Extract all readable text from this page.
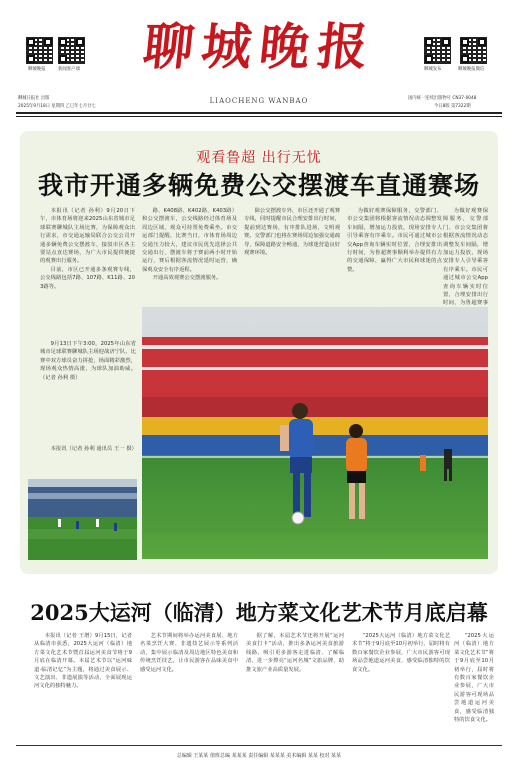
聊城晚报	新闻客户端	聊城发布	聊城晚报微信
聊城晚报
聊城日报社 出版
2025年9月18日 星期四 乙巳年七月廿七
LIAOCHENG WANBAO	国内统一连续出版物号 CN37-0048
今日8版 第7322期
观看鲁超 出行无忧
我市开通多辆免费公交摆渡车直通赛场

本报讯（记者 孙利）9月20日下午，市体育场将迎来2025山东省城市足球联赛聊城队主场比赛，为保障观众出行需求，市交通运输局联合公交公司开通多辆免费公交摆渡车，接驳市区各主要站点直达赛场，为广大市民提供便捷的观赛出行服务。

目前，市区已开通多条观赛专线，公交线路包括7路、107路、K11路、203路等。

路、K408路、K402路、K403路）和公交摆渡车，公交线路经过体育场及周边区域，观众可持票免费乘坐。市交运部门提醒，比赛当日，市体育场周边交通压力较大，建议市民优先选择公共交通出行，摆渡车将于赛前两小时开始运行，赛后根据客流情况延时运营，确保观众安全有序返程。

开通高效观赛公交摆渡服务。

除公交摆渡车外，市区还开通了观赛专线，同时提醒市民合理安排出行时间，提前到达赛场，有序排队进场，文明观赛。交警部门也将在赛场周边加强交通疏导，保障道路安全畅通，为球迷营造良好观赛环境。

为做好观赛保障服务，交警部门、市公交集团将根据客流情况动态调整发车间隔，增加运力投放，现场安排专人引导乘客有序乘车。市民可通过城市公交App查询车辆实时位置，合理安排出行时间，为鲁超赛事顺利举办提供有力的交通保障，赢得广大市民和球迷的点赞。

为做好观赛保障服务，交警部门、市公交集团将根据客流情况动态调整发车间隔，增加运力投放，现场安排专人引导乘客有序乘车。市民可通过城市公交App查询车辆实时位置，合理安排出行时间，为鲁超赛事

9月13日下午3:00，2025年山东省城市足球联赛聊城队主场迎战济宁队，比赛中双方球员奋力拼抢，场面精彩激烈，现场观众热情高涨，为球队加油助威。（记者 孙利 摄）

本报讯（记者 孙利 通讯员 王一 摄）

2025大运河（临清）地方菜文化艺术节月底启幕

本报讯（记者 王增）9月15日，记者从临清市获悉，2025大运河（临清）地方菜文化艺术节暨首届运河美食节将于9月底在临清开幕。本届艺术节以“运河味道·临清记忆”为主题，将通过美食展示、文艺演出、非遗展演等活动，全面展现运河文化的独特魅力。

艺术节期间将举办运河美食展、地方名菜烹饪大赛、非遗技艺展示等系列活动，集中展示临清及周边地区特色美食和传统烹饪技艺，让市民游客在品味美食中感受运河文化。

据了解，本届艺术节还将开展“运河美食打卡”活动，推出多条运河美食旅游线路，吸引更多游客走进临清、了解临清，进一步擦亮“运河名城”文旅品牌，助推文旅产业高质量发展。

“2025大运河（临清）地方菜文化艺术节”将于9月底至10月初举行，届时将有数百家餐饮企业参展，广大市民游客可现场品尝地道运河美食，感受临清独特的饮食文化。

“2025大运河（临清）地方菜文化艺术节”将于9月底至10月初举行，届时将有数百家餐饮企业参展，广大市民游客可现场品尝地道运河美食，感受临清独特的饮食文化。

总编辑 王某某 值班总编 某某某 责任编辑 某某某 美术编辑 某某 校对 某某
